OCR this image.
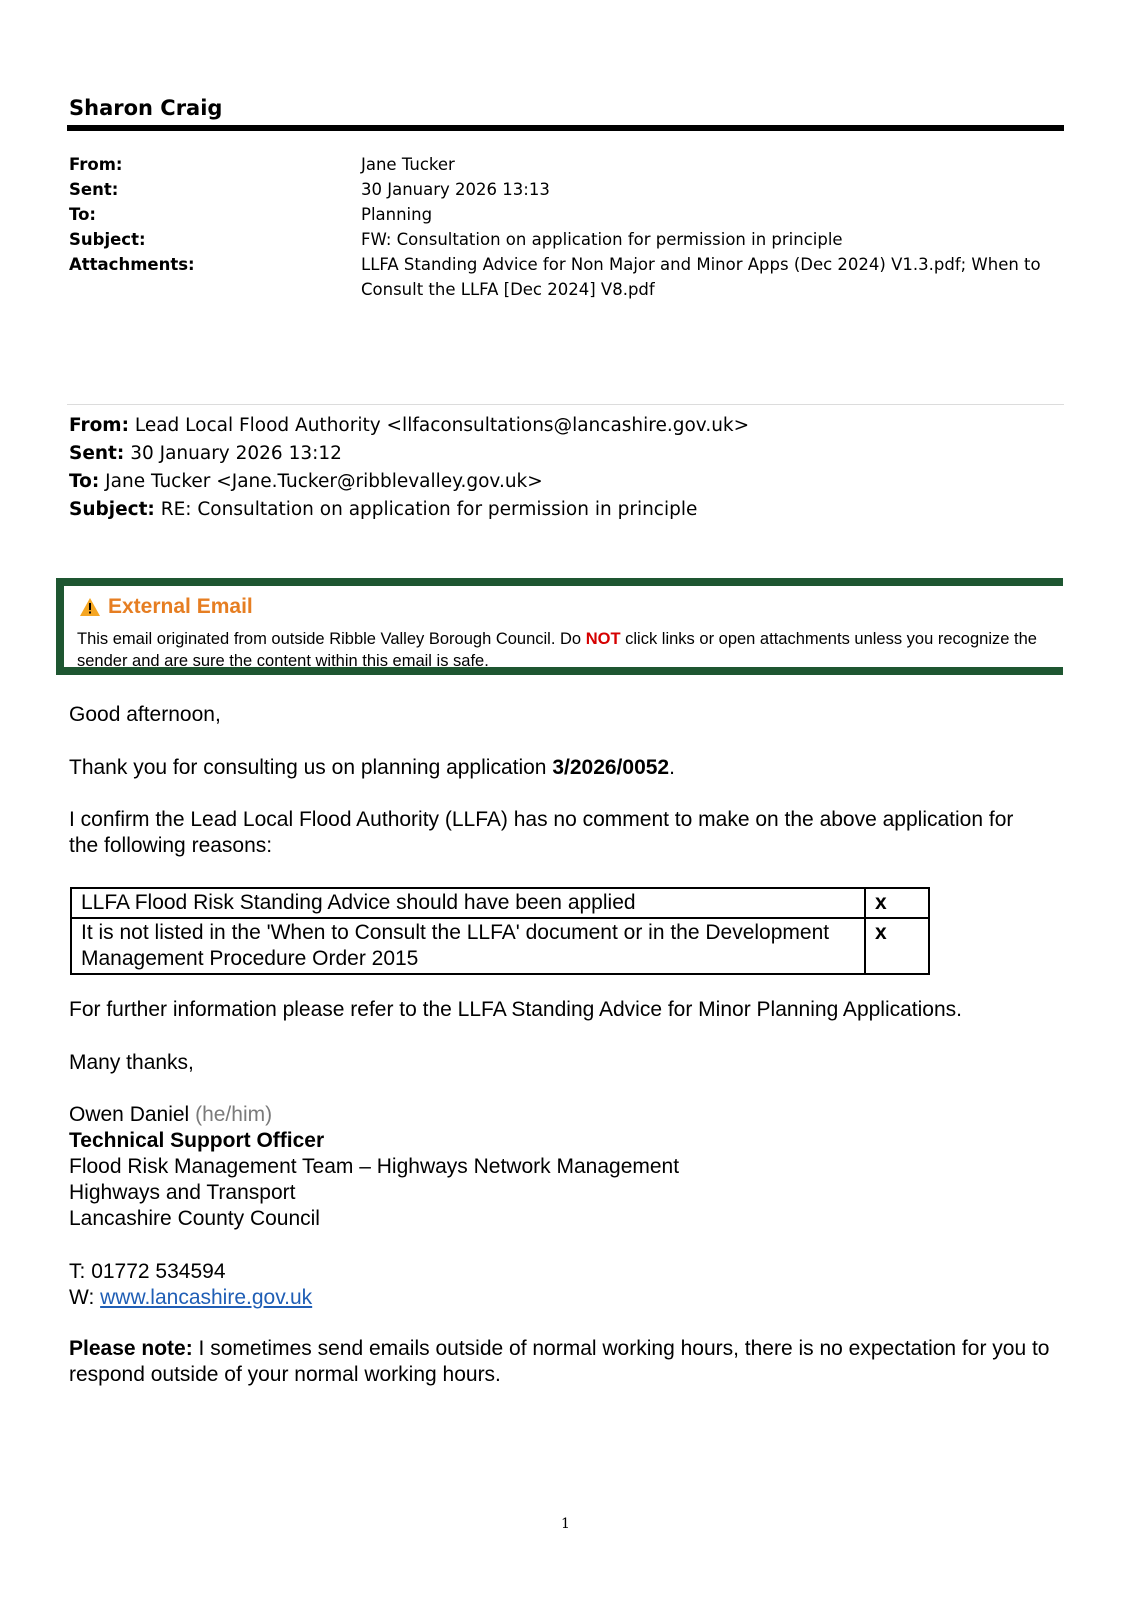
Sharon Craig
From:	Jane Tucker
Sent:	30 January 2026 13:13
To:	Planning
Subject:	FW: Consultation on application for permission in principle
Attachments:	LLFA Standing Advice for Non Major and Minor Apps (Dec 2024) V1.3.pdf; When to Consult the LLFA [Dec 2024] V8.pdf
From: Lead Local Flood Authority <llfaconsultations@lancashire.gov.uk>
Sent: 30 January 2026 13:12
To: Jane Tucker <Jane.Tucker@ribblevalley.gov.uk>
Subject: RE: Consultation on application for permission in principle
External Email
This email originated from outside Ribble Valley Borough Council. Do NOT click links or open attachments unless you recognize the sender and are sure the content within this email is safe.
Good afternoon,
Thank you for consulting us on planning application 3/2026/0052.
I confirm the Lead Local Flood Authority (LLFA) has no comment to make on the above application for the following reasons:
LLFA Flood Risk Standing Advice should have been applied	x
It is not listed in the 'When to Consult the LLFA' document or in the Development Management Procedure Order 2015	x
For further information please refer to the LLFA Standing Advice for Minor Planning Applications.
Many thanks,
Owen Daniel (he/him)
Technical Support Officer
Flood Risk Management Team – Highways Network Management
Highways and Transport
Lancashire County Council
T: 01772 534594
W: www.lancashire.gov.uk
Please note: I sometimes send emails outside of normal working hours, there is no expectation for you to respond outside of your normal working hours.
1
